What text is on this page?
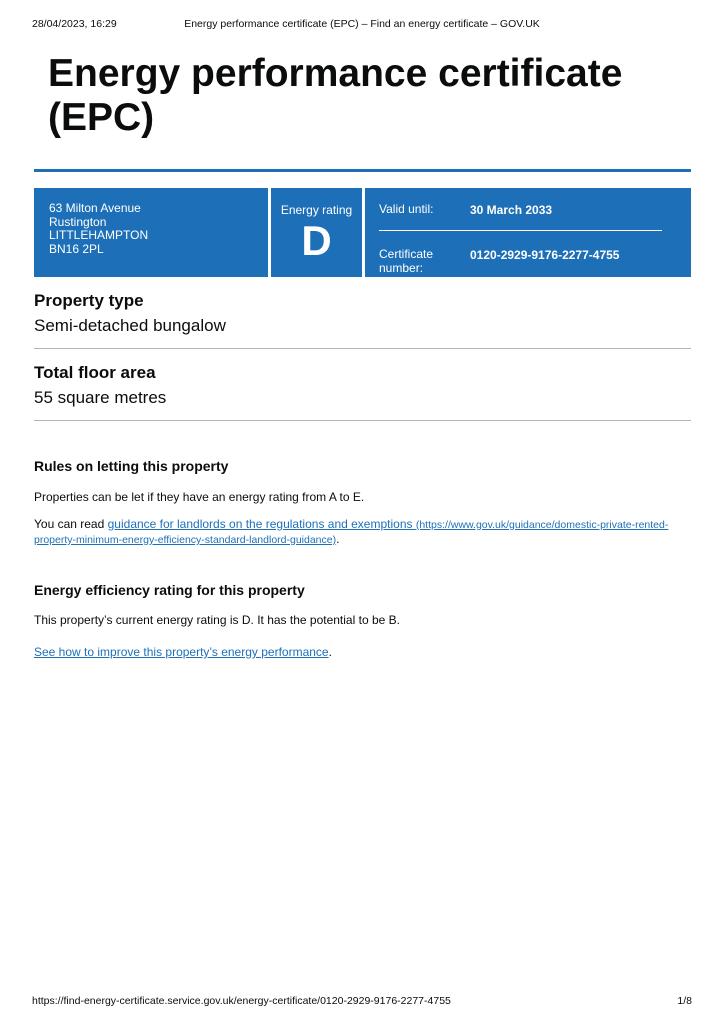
Energy performance certificate (EPC) – Find an energy certificate – GOV.UK
28/04/2023, 16:29
Energy performance certificate (EPC)
63 Milton Avenue
Rustington
LITTLEHAMPTON
BN16 2PL
Energy rating
D
Valid until:	30 March 2033
Certificate
number:
0120-2929-9176-2277-4755
Property type
Semi-detached bungalow
Total floor area
55 square metres
Rules on letting this property
Properties can be let if they have an energy rating from A to E.
You can read guidance for landlords on the regulations and exemptions (https://www.gov.uk/guidance/domestic-private-rented-property-minimum-energy-efficiency-standard-landlord-guidance).
Energy efficiency rating for this property
This property’s current energy rating is D. It has the potential to be B.
See how to improve this property’s energy performance.
https://find-energy-certificate.service.gov.uk/energy-certificate/0120-2929-9176-2277-4755	1/8
